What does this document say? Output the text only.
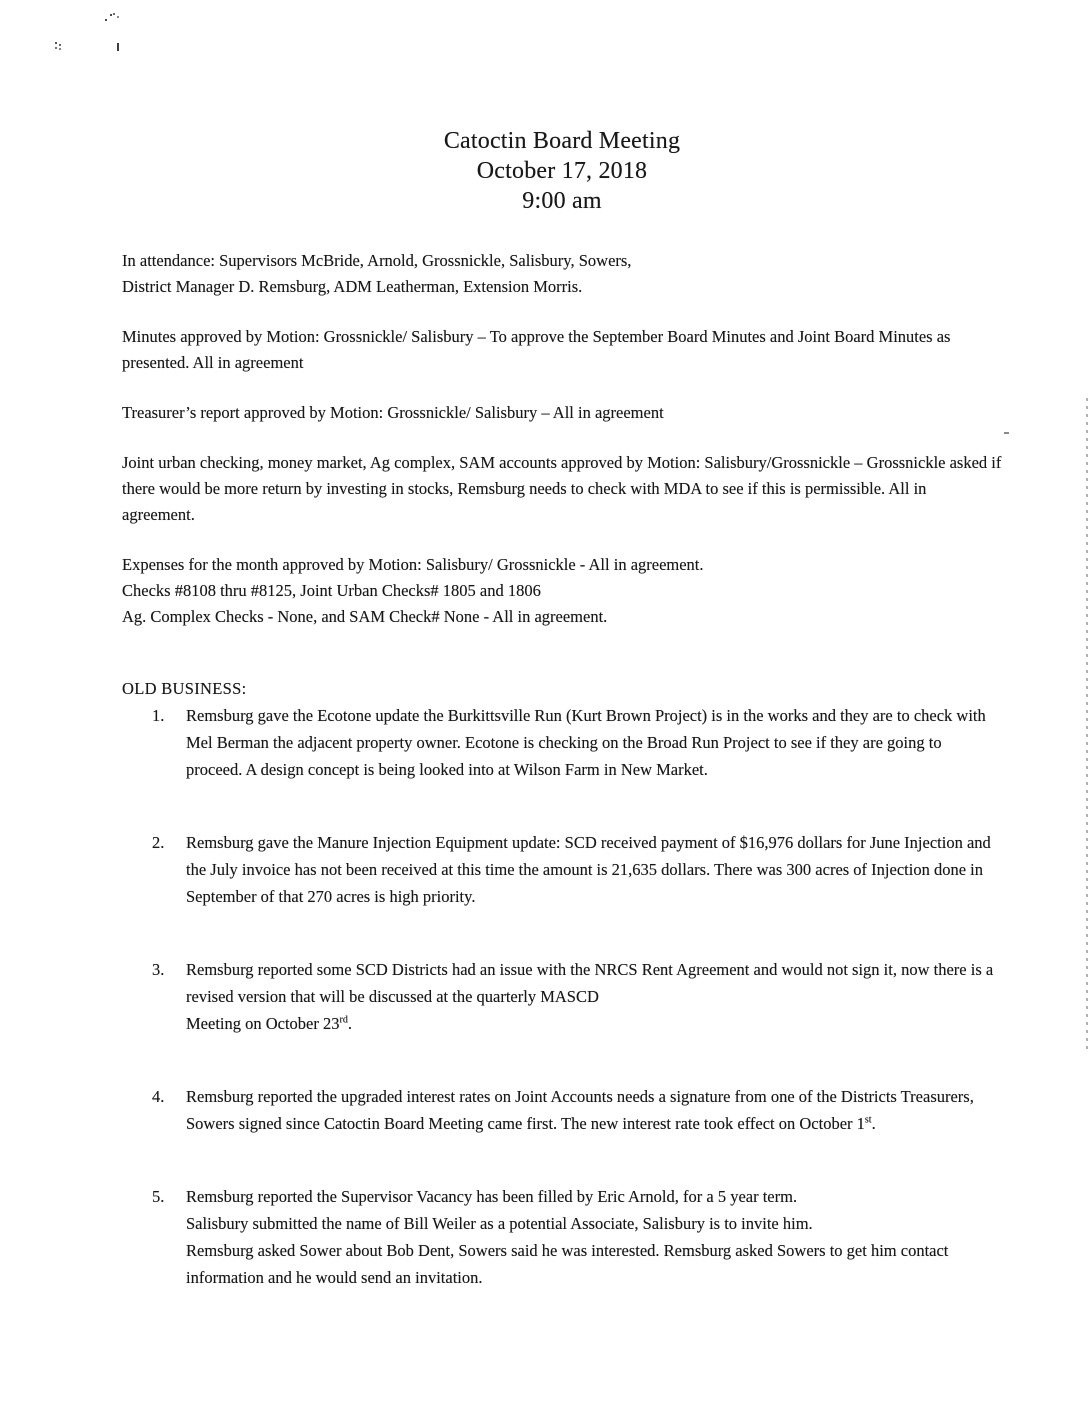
Catoctin Board Meeting
October 17, 2018
9:00 am

In attendance: Supervisors McBride, Arnold, Grossnickle, Salisbury, Sowers,
District Manager D. Remsburg, ADM Leatherman, Extension Morris.

Minutes approved by Motion: Grossnickle/ Salisbury – To approve the September Board Minutes and Joint Board Minutes as presented. All in agreement

Treasurer’s report approved by Motion: Grossnickle/ Salisbury – All in agreement

Joint urban checking, money market, Ag complex, SAM accounts approved by Motion: Salisbury/Grossnickle – Grossnickle asked if there would be more return by investing in stocks, Remsburg needs to check with MDA to see if this is permissible. All in agreement.

Expenses for the month approved by Motion: Salisbury/ Grossnickle - All in agreement.
Checks #8108 thru #8125, Joint Urban Checks# 1805 and 1806
Ag. Complex Checks - None, and SAM Check# None - All in agreement.

OLD BUSINESS:
1.	Remsburg gave the Ecotone update the Burkittsville Run (Kurt Brown Project) is in the works and they are to check with Mel Berman the adjacent property owner. Ecotone is checking on the Broad Run Project to see if they are going to proceed. A design concept is being looked into at Wilson Farm in New Market.
2.	Remsburg gave the Manure Injection Equipment update: SCD received payment of $16,976 dollars for June Injection and the July invoice has not been received at this time the amount is 21,635 dollars. There was 300 acres of Injection done in September of that 270 acres is high priority.
3.	Remsburg reported some SCD Districts had an issue with the NRCS Rent Agreement and would not sign it, now there is a revised version that will be discussed at the quarterly MASCD
Meeting on October 23rd.
4.	Remsburg reported the upgraded interest rates on Joint Accounts needs a signature from one of the Districts Treasurers, Sowers signed since Catoctin Board Meeting came first. The new interest rate took effect on October 1st.
5.	Remsburg reported the Supervisor Vacancy has been filled by Eric Arnold, for a 5 year term.
Salisbury submitted the name of Bill Weiler as a potential Associate, Salisbury is to invite him.
Remsburg asked Sower about Bob Dent, Sowers said he was interested. Remsburg asked Sowers to get him contact information and he would send an invitation.
